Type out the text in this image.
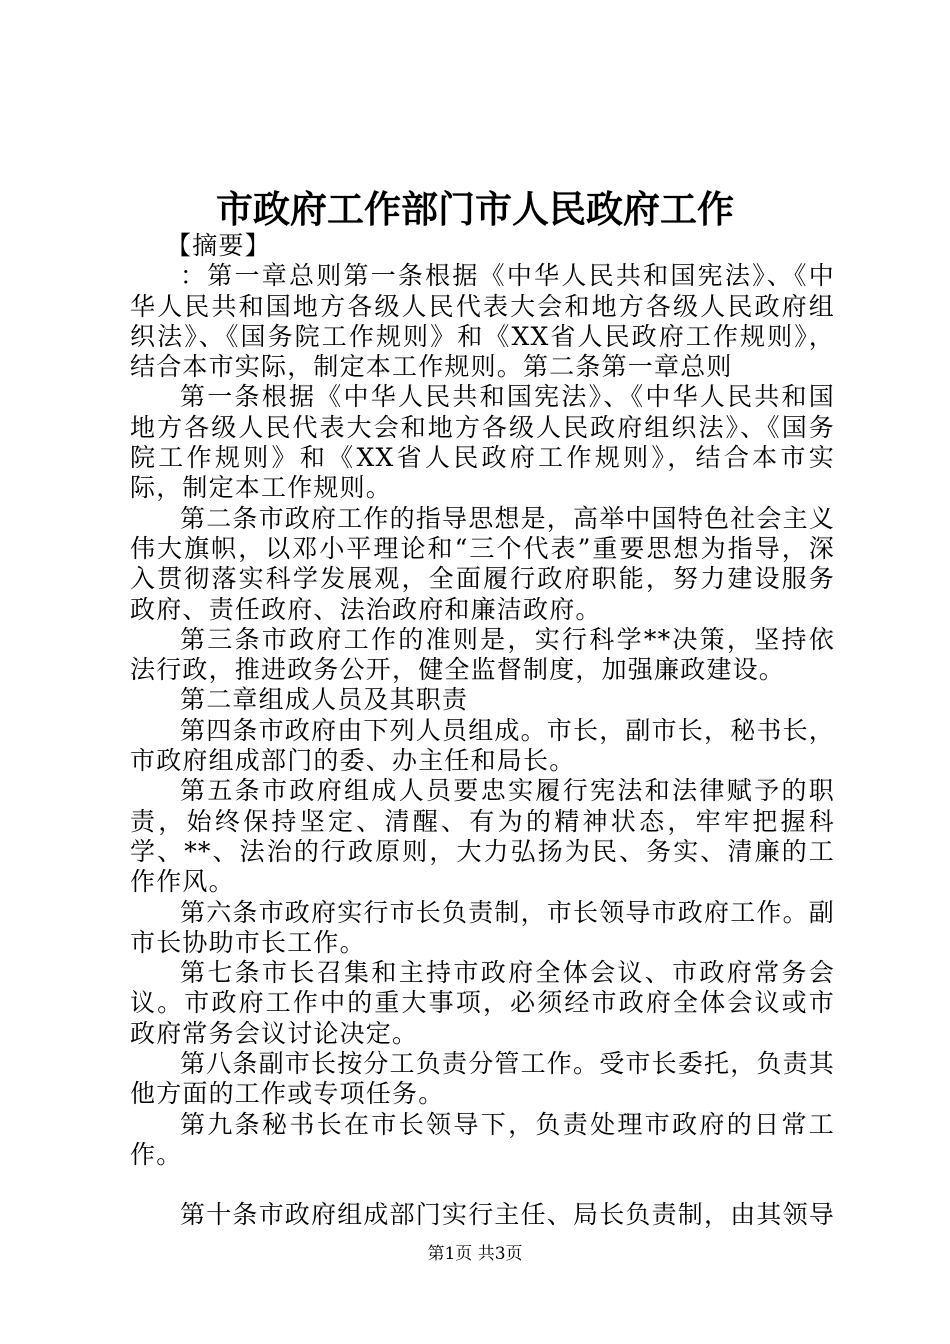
市政府工作部门市人民政府工作

【摘要】

：第一章总则第一条根据《中华人民共和国宪法》、《中华人民共和国地方各级人民代表大会和地方各级人民政府组织法》、《国务院工作规则》和《XX省人民政府工作规则》，结合本市实际，制定本工作规则。第二条第一章总则

第一条根据《中华人民共和国宪法》、《中华人民共和国地方各级人民代表大会和地方各级人民政府组织法》、《国务院工作规则》和《XX省人民政府工作规则》，结合本市实际，制定本工作规则。

第二条市政府工作的指导思想是，高举中国特色社会主义伟大旗帜，以邓小平理论和“三个代表”重要思想为指导，深入贯彻落实科学发展观，全面履行政府职能，努力建设服务政府、责任政府、法治政府和廉洁政府。

第三条市政府工作的准则是，实行科学**决策，坚持依法行政，推进政务公开，健全监督制度，加强廉政建设。

第二章组成人员及其职责

第四条市政府由下列人员组成。市长，副市长，秘书长，市政府组成部门的委、办主任和局长。

第五条市政府组成人员要忠实履行宪法和法律赋予的职责，始终保持坚定、清醒、有为的精神状态，牢牢把握科学、**、法治的行政原则，大力弘扬为民、务实、清廉的工作作风。

第六条市政府实行市长负责制，市长领导市政府工作。副市长协助市长工作。

第七条市长召集和主持市政府全体会议、市政府常务会议。市政府工作中的重大事项，必须经市政府全体会议或市政府常务会议讨论决定。

第八条副市长按分工负责分管工作。受市长委托，负责其他方面的工作或专项任务。

第九条秘书长在市长领导下，负责处理市政府的日常工作。

第十条市政府组成部门实行主任、局长负责制，由其领导

第1页 共3页
